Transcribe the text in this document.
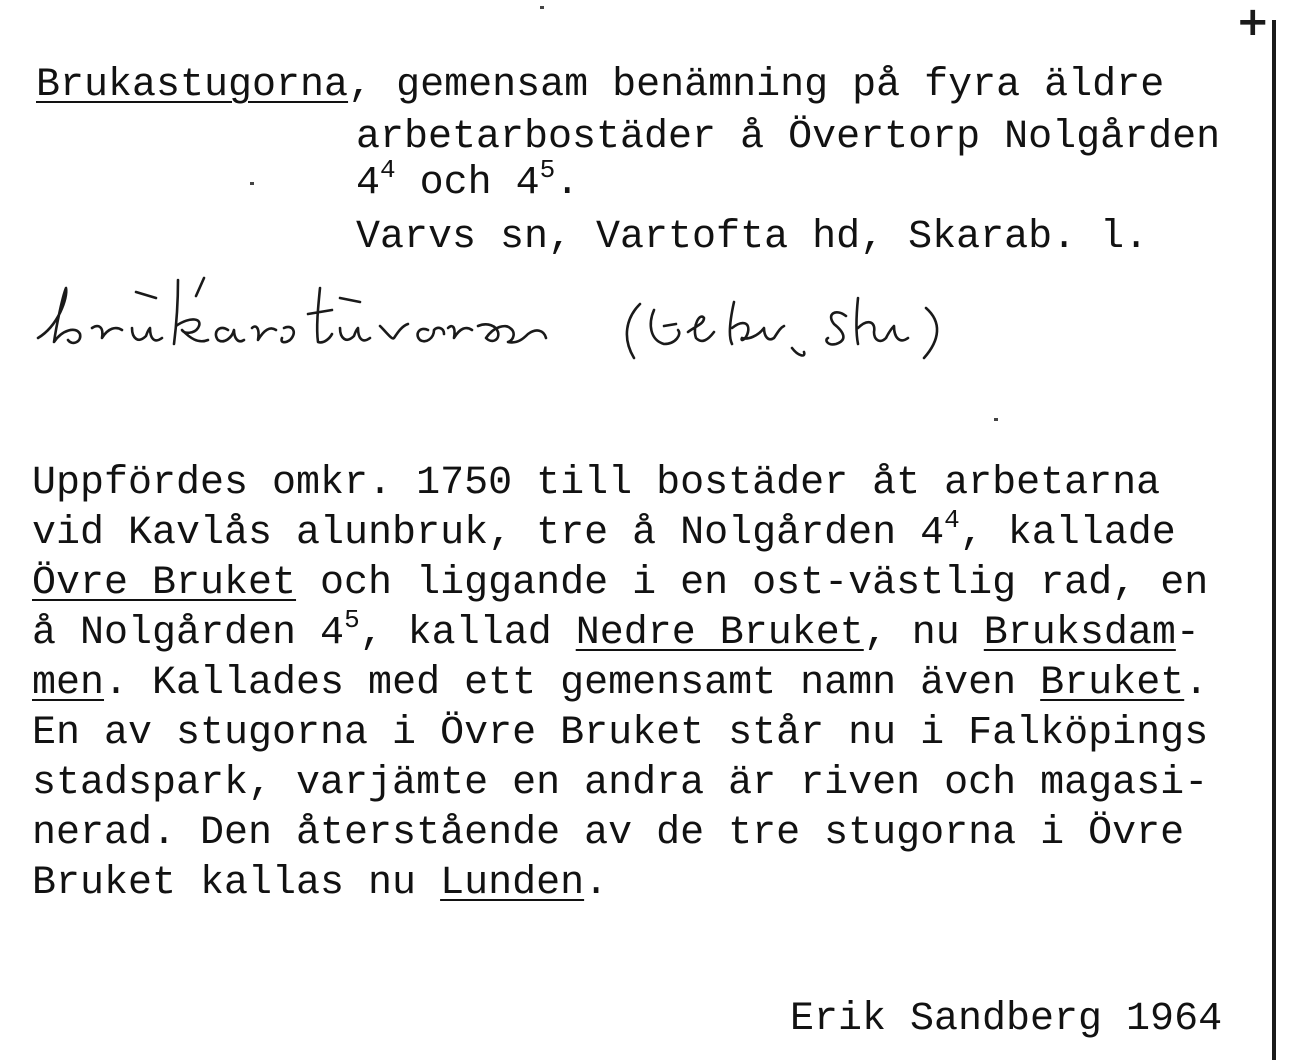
+
Brukastugorna, gemensam benämning på fyra äldre
arbetarbostäder å Övertorp Nolgården
$4^4$ och $4^5$.
Varvs sn, Vartofta hd, Skarab. l.
brūkastūvora (Eckn, Skn)
Uppfördes omkr. 1750 till bostäder åt arbetarna
vid Kavlås alunbruk, tre å Nolgården $4^4$, kallade
Övre Bruket och liggande i en ost-västlig rad, en
å Nolgården $4^5$, kallad Nedre Bruket, nu Bruksdam-
men. Kallades med ett gemensamt namn även Bruket.
En av stugorna i Övre Bruket står nu i Falköpings
stadspark, varjämte en andra är riven och magasi-
nerad. Den återstående av de tre stugorna i Övre
Bruket kallas nu Lunden.
Erik Sandberg 1964
